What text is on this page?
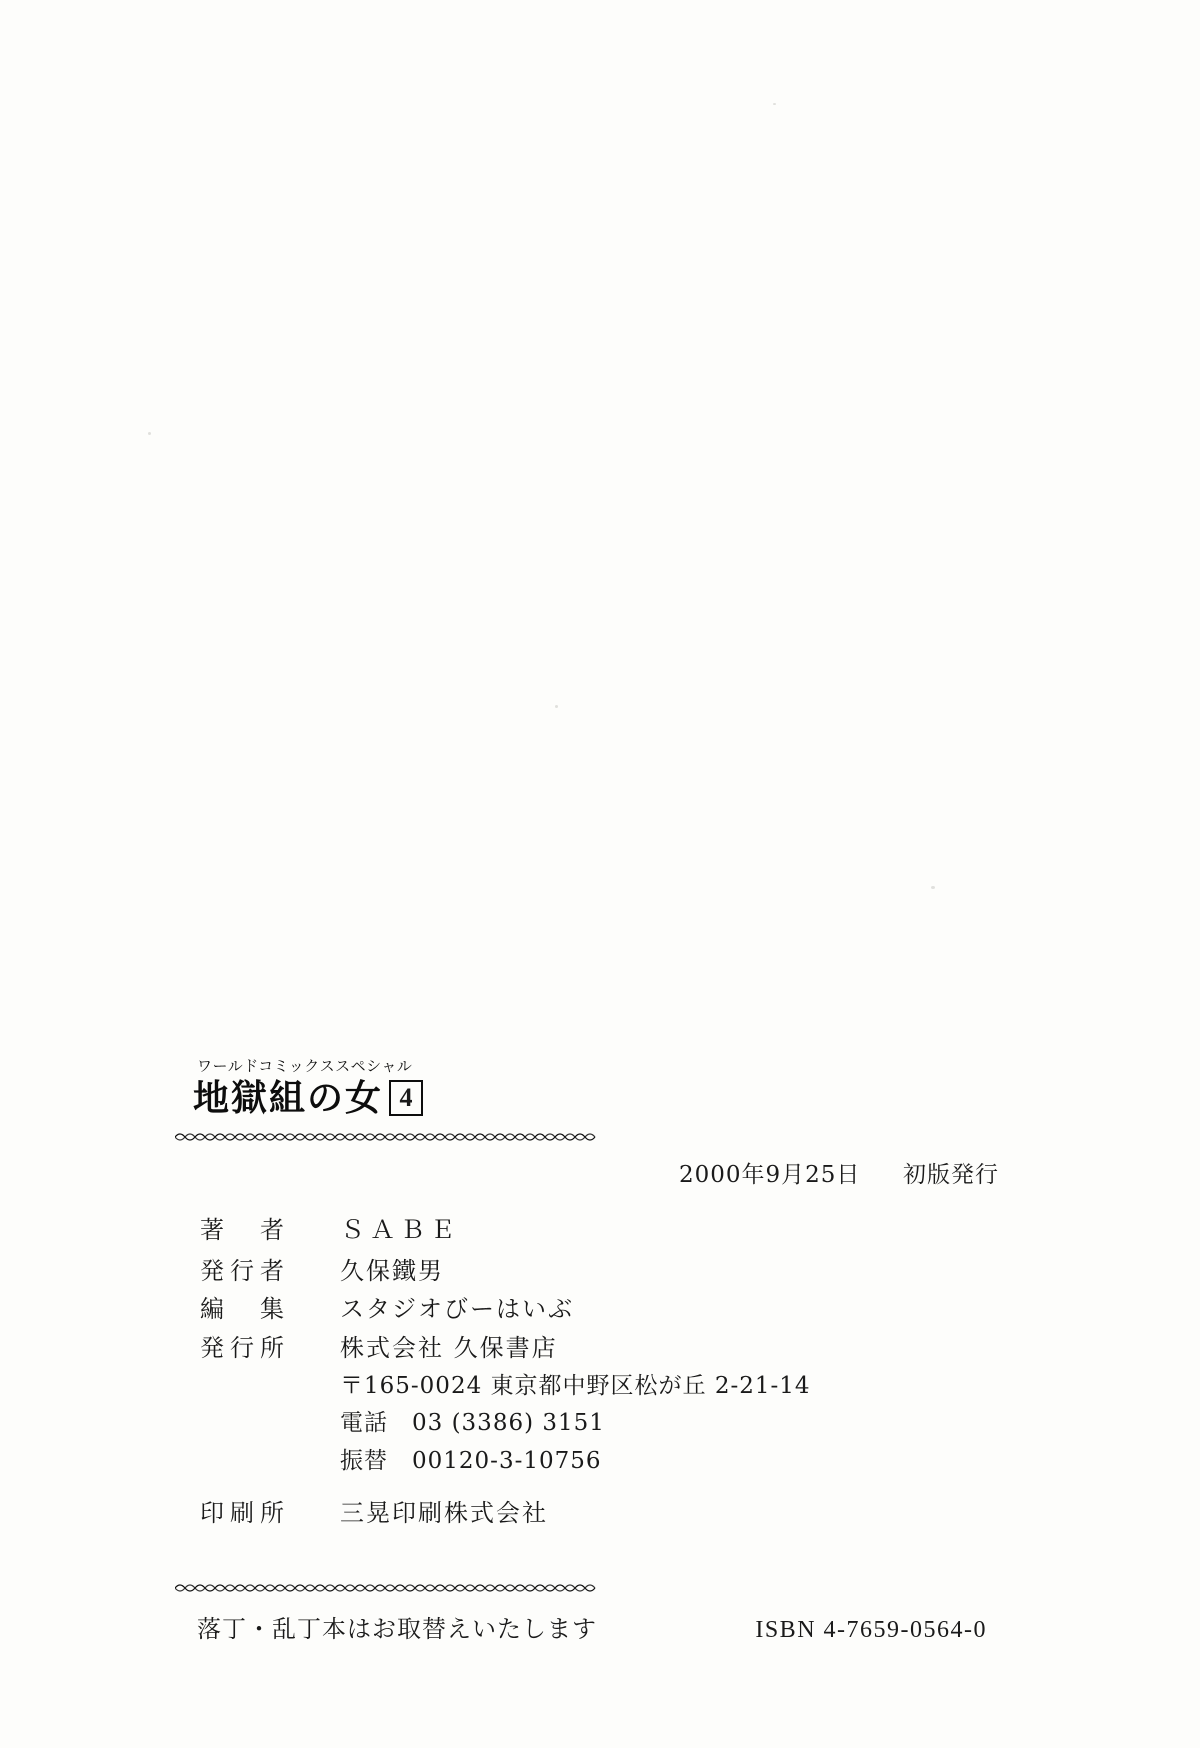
ワールドコミックススペシャル
地獄組の女 4
2000年9月25日 初版発行
著　者	ＳＡＢＥ
発行者	久保鐵男
編　集	スタジオびーはいぶ
発行所	株式会社 久保書店
〒165-0024 東京都中野区松が丘 2-21-14
電話　03 (3386) 3151
振替　00120-3-10756
印刷所	三晃印刷株式会社
落丁・乱丁本はお取替えいたします	ISBN 4-7659-0564-0
